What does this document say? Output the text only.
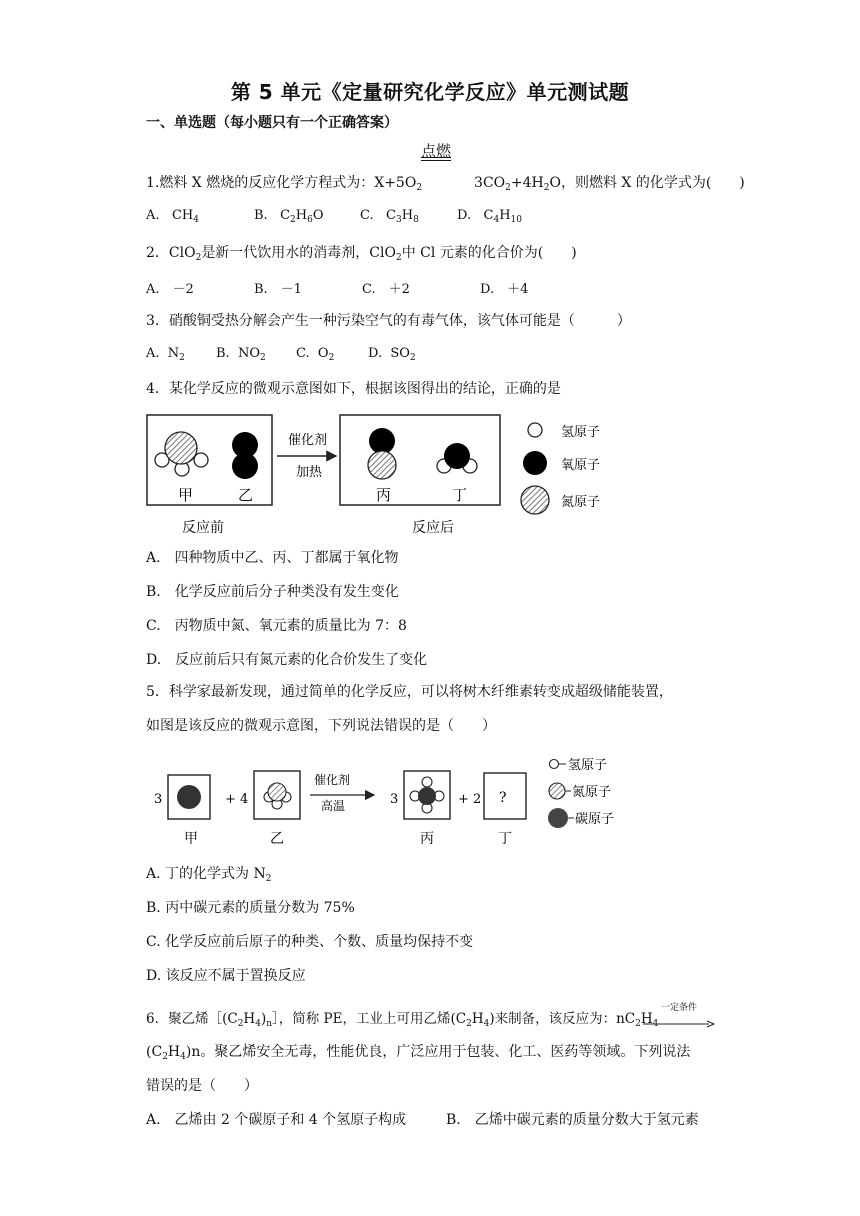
第 5 单元《定量研究化学反应》单元测试题
一、单选题（每小题只有一个正确答案）
点燃
1.燃料 X 燃烧的反应化学方程式为：$X+5O_2$	$3CO_2+4H_2O$，则燃料 X 的化学式为(　　)
A. $CH_4$	B. $C_2H_6O$	C. $C_3H_8$	D. $C_4H_{10}$
2．ClO$_2$是新一代饮用水的消毒剂，ClO$_2$中 Cl 元素的化合价为(　　)
A.　－2	B.　－1	C.　＋2	D.　＋4
3．硝酸铜受热分解会产生一种污染空气的有毒气体，该气体可能是（　　　）
A. $N_2$ B. $NO_2$ C. $O_2$	D. $SO_2$
4．某化学反应的微观示意图如下，根据该图得出的结论，正确的是
甲	乙
反应前
催化剂
加热
丙	丁
反应后
氢原子
氧原子
氮原子
A.　四种物质中乙、丙、丁都属于氧化物
B.　化学反应前后分子种类没有发生变化
C.　丙物质中氮、氧元素的质量比为 7：8
D.　反应前后只有氮元素的化合价发生了变化
5．科学家最新发现，通过简单的化学反应，可以将树木纤维素转变成超级储能装置，
如图是该反应的微观示意图，下列说法错误的是（　　）
3	+ 4
催化剂
高温	3	+ 2 ?
甲	乙	丙	丁
氢原子
氮原子
碳原子
A. 丁的化学式为 $N_2$
B. 丙中碳元素的质量分数为 75%
C. 化学反应前后原子的种类、个数、质量均保持不变
D. 该反应不属于置换反应
6．聚乙烯$[(C_2H_4)_n]$，简称 PE，工业上可用乙烯$(C_2H_4)$来制备，该反应为：$nC_2H_4$
一定条件
$(C_2H_4)n$。聚乙烯安全无毒，性能优良，广泛应用于包装、化工、医药等领域。下列说法
错误的是（　　）
A.　乙烯由 2 个碳原子和 4 个氢原子构成	B.　乙烯中碳元素的质量分数大于氢元素
